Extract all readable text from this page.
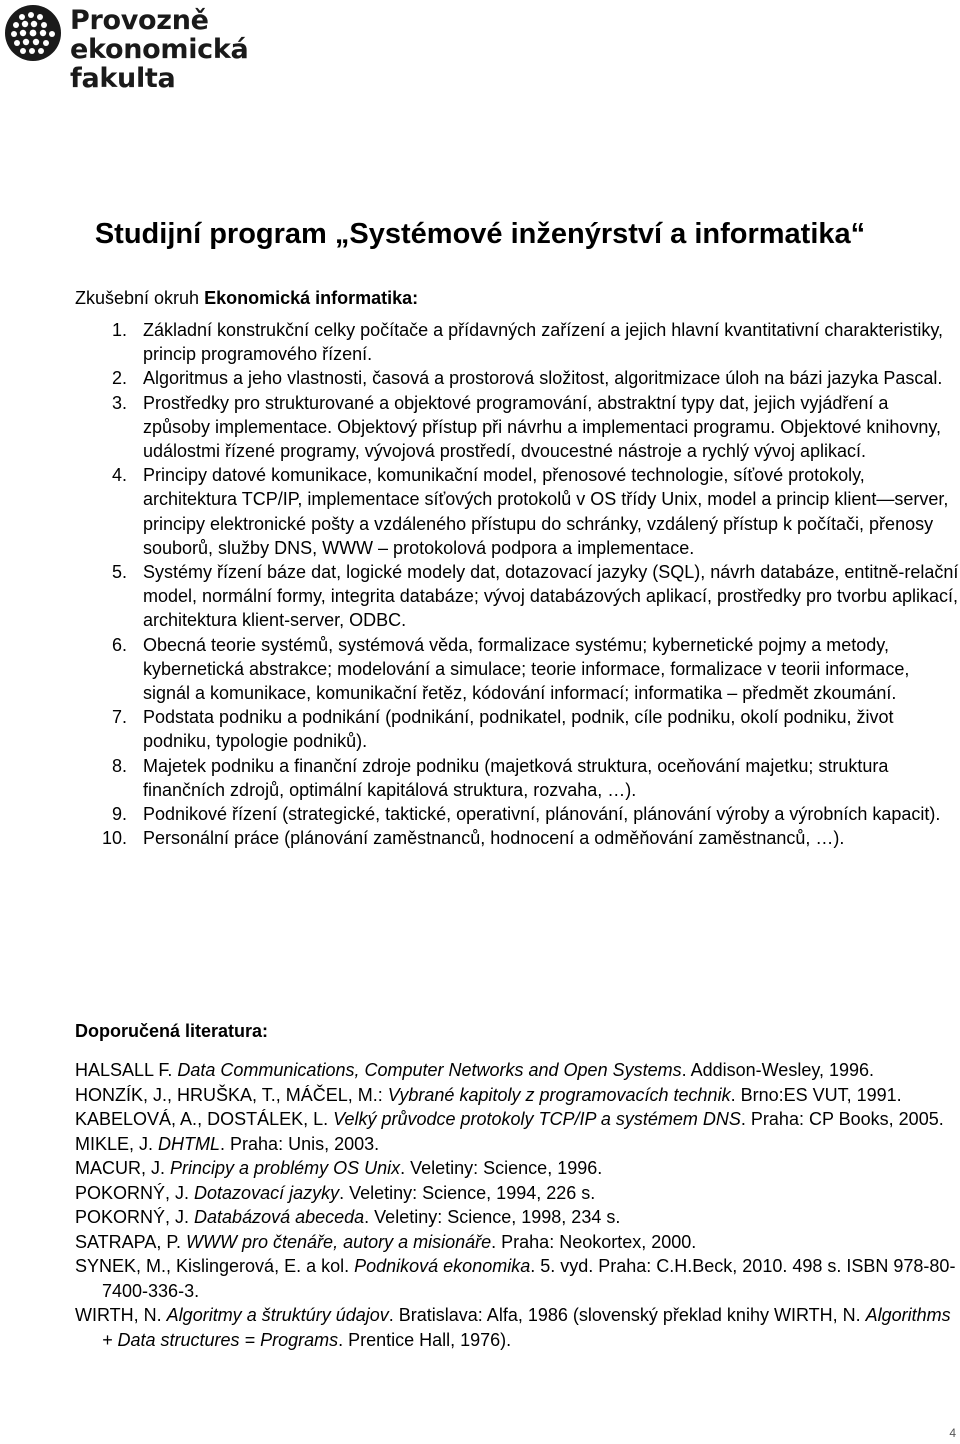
Provozně
ekonomická
fakulta
Studijní program „Systémové inženýrství a informatika“
Zkušební okruh Ekonomická informatika:
1. Základní konstrukční celky počítače a přídavných zařízení a jejich hlavní kvantitativní charakteristiky, princip programového řízení.
2. Algoritmus a jeho vlastnosti, časová a prostorová složitost, algoritmizace úloh na bázi jazyka Pascal.
3. Prostředky pro strukturované a objektové programování, abstraktní typy dat, jejich vyjádření a způsoby implementace. Objektový přístup při návrhu a implementaci programu. Objektové knihovny, událostmi řízené programy, vývojová prostředí, dvoucestné nástroje a rychlý vývoj aplikací.
4. Principy datové komunikace, komunikační model, přenosové technologie, síťové protokoly, architektura TCP/IP, implementace síťových protokolů v OS třídy Unix, model a princip klient—server, principy elektronické pošty a vzdáleného přístupu do schránky, vzdálený přístup k počítači, přenosy souborů, služby DNS, WWW – protokolová podpora a implementace.
5. Systémy řízení báze dat, logické modely dat, dotazovací jazyky (SQL), návrh databáze, entitně-relační model, normální formy, integrita databáze; vývoj databázových aplikací, prostředky pro tvorbu aplikací, architektura klient-server, ODBC.
6. Obecná teorie systémů, systémová věda, formalizace systému; kybernetické pojmy a metody, kybernetická abstrakce; modelování a simulace; teorie informace, formalizace v teorii informace, signál a komunikace, komunikační řetěz, kódování informací; informatika – předmět zkoumání.
7. Podstata podniku a podnikání (podnikání, podnikatel, podnik, cíle podniku, okolí podniku, život podniku, typologie podniků).
8. Majetek podniku a finanční zdroje podniku (majetková struktura, oceňování majetku; struktura finančních zdrojů, optimální kapitálová struktura, rozvaha, …).
9. Podnikové řízení (strategické, taktické, operativní, plánování, plánování výroby a výrobních kapacit).
10. Personální práce (plánování zaměstnanců, hodnocení a odměňování zaměstnanců, …).
Doporučená literatura:
HALSALL F. Data Communications, Computer Networks and Open Systems. Addison-Wesley, 1996.
HONZÍK, J., HRUŠKA, T., MÁČEL, M.: Vybrané kapitoly z programovacích technik. Brno:ES VUT, 1991.
KABELOVÁ, A., DOSTÁLEK, L. Velký průvodce protokoly TCP/IP a systémem DNS. Praha: CP Books, 2005.
MIKLE, J. DHTML. Praha: Unis, 2003.
MACUR, J. Principy a problémy OS Unix. Veletiny: Science, 1996.
POKORNÝ, J. Dotazovací jazyky. Veletiny: Science, 1994, 226 s.
POKORNÝ, J. Databázová abeceda. Veletiny: Science, 1998, 234 s.
SATRAPA, P. WWW pro čtenáře, autory a misionáře. Praha: Neokortex, 2000.
SYNEK, M., Kislingerová, E. a kol. Podniková ekonomika. 5. vyd. Praha: C.H.Beck, 2010. 498 s. ISBN 978-80-7400-336-3.
WIRTH, N. Algoritmy a štruktúry údajov. Bratislava: Alfa, 1986 (slovenský překlad knihy WIRTH, N. Algorithms + Data structures = Programs. Prentice Hall, 1976).
4
